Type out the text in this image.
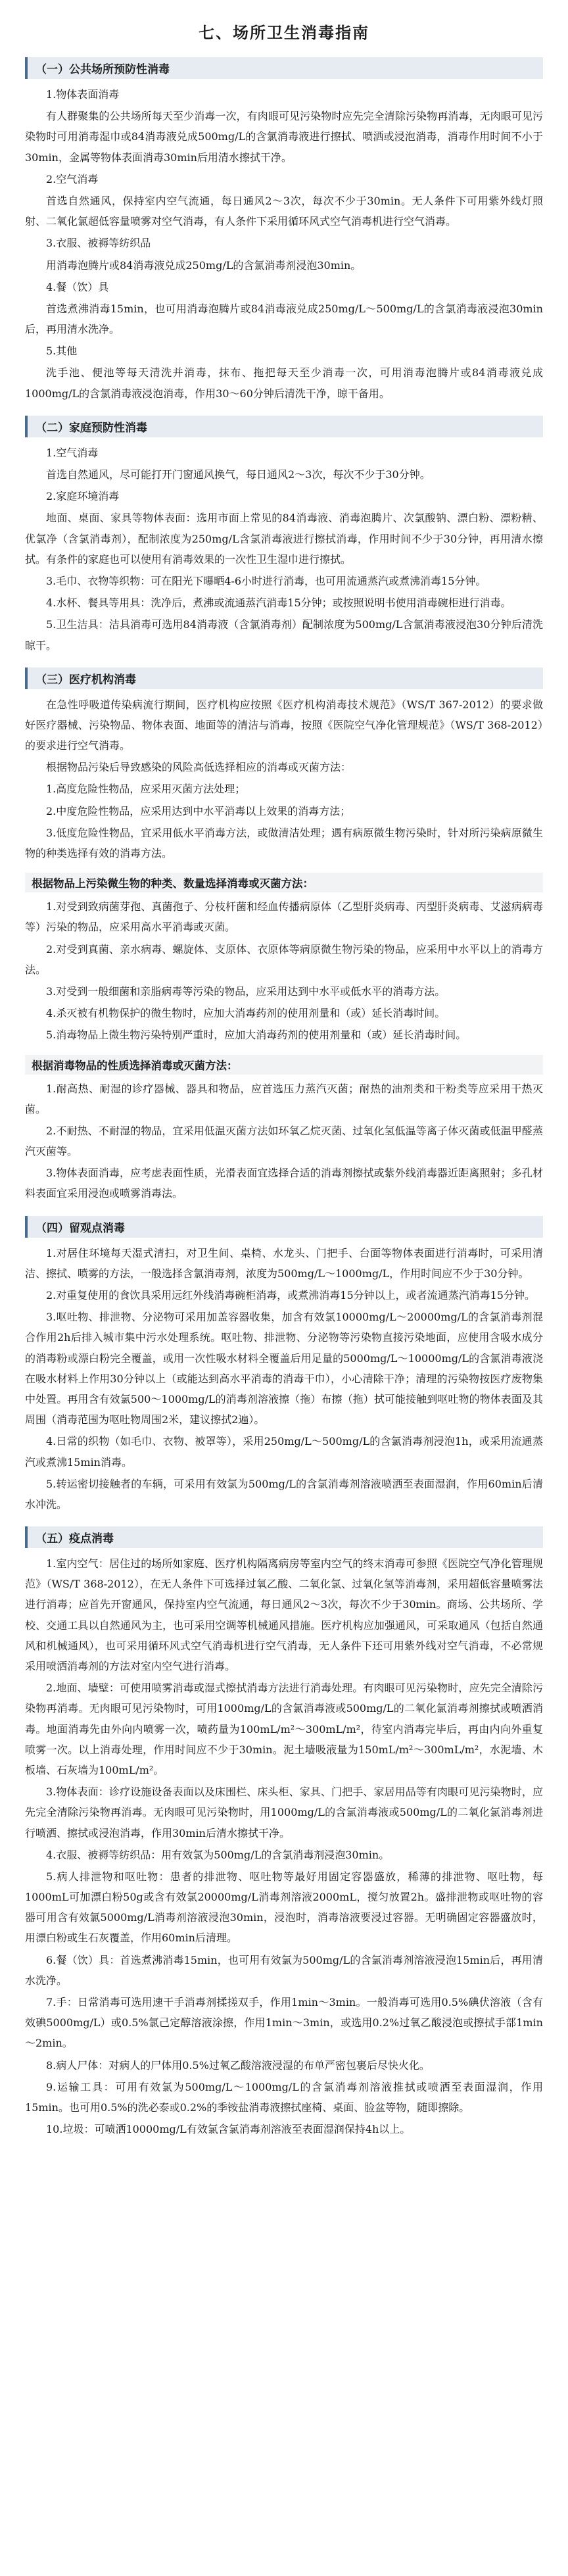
七、场所卫生消毒指南
（一）公共场所预防性消毒

1.物体表面消毒

有人群聚集的公共场所每天至少消毒一次，有肉眼可见污染物时应先完全清除污染物再消毒，无肉眼可见污染物时可用消毒湿巾或84消毒液兑成500mg/L的含氯消毒液进行擦拭、喷洒或浸泡消毒，消毒作用时间不小于30min，金属等物体表面消毒30min后用清水擦拭干净。

2.空气消毒

首选自然通风，保持室内空气流通，每日通风2～3次，每次不少于30min。无人条件下可用紫外线灯照射、二氧化氯超低容量喷雾对空气消毒，有人条件下采用循环风式空气消毒机进行空气消毒。

3.衣服、被褥等纺织品

用消毒泡腾片或84消毒液兑成250mg/L的含氯消毒剂浸泡30min。

4.餐（饮）具

首选煮沸消毒15min，也可用消毒泡腾片或84消毒液兑成250mg/L～500mg/L的含氯消毒液浸泡30min后，再用清水洗净。

5.其他

洗手池、便池等每天清洗并消毒，抹布、拖把每天至少消毒一次，可用消毒泡腾片或84消毒液兑成1000mg/L的含氯消毒液浸泡消毒，作用30～60分钟后清洗干净，晾干备用。

（二）家庭预防性消毒

1.空气消毒

首选自然通风，尽可能打开门窗通风换气，每日通风2～3次，每次不少于30分钟。

2.家庭环境消毒

地面、桌面、家具等物体表面：选用市面上常见的84消毒液、消毒泡腾片、次氯酸钠、漂白粉、漂粉精、优氯净（含氯消毒剂），配制浓度为250mg/L含氯消毒液进行擦拭消毒，作用时间不少于30分钟，再用清水擦拭。有条件的家庭也可以使用有消毒效果的一次性卫生湿巾进行擦拭。

3.毛巾、衣物等织物：可在阳光下曝晒4-6小时进行消毒，也可用流通蒸汽或煮沸消毒15分钟。

4.水杯、餐具等用具：洗净后，煮沸或流通蒸汽消毒15分钟；或按照说明书使用消毒碗柜进行消毒。

5.卫生洁具：洁具消毒可选用84消毒液（含氯消毒剂）配制浓度为500mg/L含氯消毒液浸泡30分钟后清洗晾干。

（三）医疗机构消毒

在急性呼吸道传染病流行期间，医疗机构应按照《医疗机构消毒技术规范》（WS/T 367-2012）的要求做好医疗器械、污染物品、物体表面、地面等的清洁与消毒，按照《医院空气净化管理规范》（WS/T 368-2012）的要求进行空气消毒。

根据物品污染后导致感染的风险高低选择相应的消毒或灭菌方法：

1.高度危险性物品，应采用灭菌方法处理；

2.中度危险性物品，应采用达到中水平消毒以上效果的消毒方法；

3.低度危险性物品，宜采用低水平消毒方法，或做清洁处理；遇有病原微生物污染时，针对所污染病原微生物的种类选择有效的消毒方法。

根据物品上污染微生物的种类、数量选择消毒或灭菌方法：

1.对受到致病菌芽孢、真菌孢子、分枝杆菌和经血传播病原体（乙型肝炎病毒、丙型肝炎病毒、艾滋病病毒等）污染的物品，应采用高水平消毒或灭菌。

2.对受到真菌、亲水病毒、螺旋体、支原体、衣原体等病原微生物污染的物品，应采用中水平以上的消毒方法。

3.对受到一般细菌和亲脂病毒等污染的物品，应采用达到中水平或低水平的消毒方法。

4.杀灭被有机物保护的微生物时，应加大消毒药剂的使用剂量和（或）延长消毒时间。

5.消毒物品上微生物污染特别严重时，应加大消毒药剂的使用剂量和（或）延长消毒时间。

根据消毒物品的性质选择消毒或灭菌方法：

1.耐高热、耐湿的诊疗器械、器具和物品，应首选压力蒸汽灭菌；耐热的油剂类和干粉类等应采用干热灭菌。

2.不耐热、不耐湿的物品，宜采用低温灭菌方法如环氧乙烷灭菌、过氧化氢低温等离子体灭菌或低温甲醛蒸汽灭菌等。

3.物体表面消毒，应考虑表面性质，光滑表面宜选择合适的消毒剂擦拭或紫外线消毒器近距离照射；多孔材料表面宜采用浸泡或喷雾消毒法。

（四）留观点消毒

1.对居住环境每天湿式清扫，对卫生间、桌椅、水龙头、门把手、台面等物体表面进行消毒时，可采用清洁、擦拭、喷雾的方法，一般选择含氯消毒剂，浓度为500mg/L～1000mg/L，作用时间应不少于30分钟。

2.对重复使用的食饮具采用远红外线消毒碗柜消毒，或煮沸消毒15分钟以上，或者流通蒸汽消毒15分钟。

3.呕吐物、排泄物、分泌物可采用加盖容器收集，加含有效氯10000mg/L～20000mg/L的含氯消毒剂混合作用2h后排入城市集中污水处理系统。呕吐物、排泄物、分泌物等污染物直接污染地面，应使用含吸水成分的消毒粉或漂白粉完全覆盖，或用一次性吸水材料全覆盖后用足量的5000mg/L～10000mg/L的含氯消毒液浇在吸水材料上作用30分钟以上（或能达到高水平消毒的消毒干巾），小心清除干净；清理的污染物按医疗废物集中处置。再用含有效氯500～1000mg/L的消毒剂溶液擦（拖）布擦（拖）拭可能接触到呕吐物的物体表面及其周围（消毒范围为呕吐物周围2米，建议擦拭2遍）。

4.日常的织物（如毛巾、衣物、被罩等），采用250mg/L～500mg/L的含氯消毒剂浸泡1h，或采用流通蒸汽或煮沸15min消毒。

5.转运密切接触者的车辆，可采用有效氯为500mg/L的含氯消毒剂溶液喷洒至表面湿润，作用60min后清水冲洗。

（五）疫点消毒

1.室内空气：居住过的场所如家庭、医疗机构隔离病房等室内空气的终末消毒可参照《医院空气净化管理规范》（WS/T 368-2012），在无人条件下可选择过氧乙酸、二氧化氯、过氧化氢等消毒剂，采用超低容量喷雾法进行消毒；应首先开窗通风，保持室内空气流通，每日通风2～3次，每次不少于30min。商场、公共场所、学校、交通工具以自然通风为主，也可采用空调等机械通风措施。医疗机构应加强通风，可采取通风（包括自然通风和机械通风），也可采用循环风式空气消毒机进行空气消毒，无人条件下还可用紫外线对空气消毒，不必常规采用喷洒消毒剂的方法对室内空气进行消毒。

2.地面、墙壁：可使用喷雾消毒或湿式擦拭消毒方法进行消毒处理。有肉眼可见污染物时，应先完全清除污染物再消毒。无肉眼可见污染物时，可用1000mg/L的含氯消毒液或500mg/L的二氧化氯消毒剂擦拭或喷洒消毒。地面消毒先由外向内喷雾一次，喷药量为100mL/m²～300mL/m²，待室内消毒完毕后，再由内向外重复喷雾一次。以上消毒处理，作用时间应不少于30min。泥土墙吸液量为150mL/m²～300mL/m²，水泥墙、木板墙、石灰墙为100mL/m²。

3.物体表面：诊疗设施设备表面以及床围栏、床头柜、家具、门把手、家居用品等有肉眼可见污染物时，应先完全清除污染物再消毒。无肉眼可见污染物时，用1000mg/L的含氯消毒液或500mg/L的二氧化氯消毒剂进行喷洒、擦拭或浸泡消毒，作用30min后清水擦拭干净。

4.衣服、被褥等纺织品：用有效氯为500mg/L的含氯消毒剂浸泡30min。

5.病人排泄物和呕吐物：患者的排泄物、呕吐物等最好用固定容器盛放，稀薄的排泄物、呕吐物，每1000mL可加漂白粉50g或含有效氯20000mg/L消毒剂溶液2000mL，搅匀放置2h。盛排泄物或呕吐物的容器可用含有效氯5000mg/L消毒剂溶液浸泡30min，浸泡时，消毒溶液要浸过容器。无明确固定容器盛放时，用漂白粉或生石灰覆盖，作用60min后清理。

6.餐（饮）具：首选煮沸消毒15min，也可用有效氯为500mg/L的含氯消毒剂溶液浸泡15min后，再用清水洗净。

7.手：日常消毒可选用速干手消毒剂揉搓双手，作用1min～3min。一般消毒可选用0.5%碘伏溶液（含有效碘5000mg/L）或0.5%氯己定醇溶液涂擦，作用1min～3min，或选用0.2%过氧乙酸浸泡或擦拭手部1min～2min。

8.病人尸体：对病人的尸体用0.5%过氧乙酸溶液浸湿的布单严密包裹后尽快火化。

9.运输工具：可用有效氯为500mg/L～1000mg/L的含氯消毒剂溶液推拭或喷洒至表面湿润，作用15min。也可用0.5%的洗必泰或0.2%的季铵盐消毒液擦拭座椅、桌面、脸盆等物，随即擦除。

10.垃圾：可喷洒10000mg/L有效氯含氯消毒剂溶液至表面湿润保持4h以上。
